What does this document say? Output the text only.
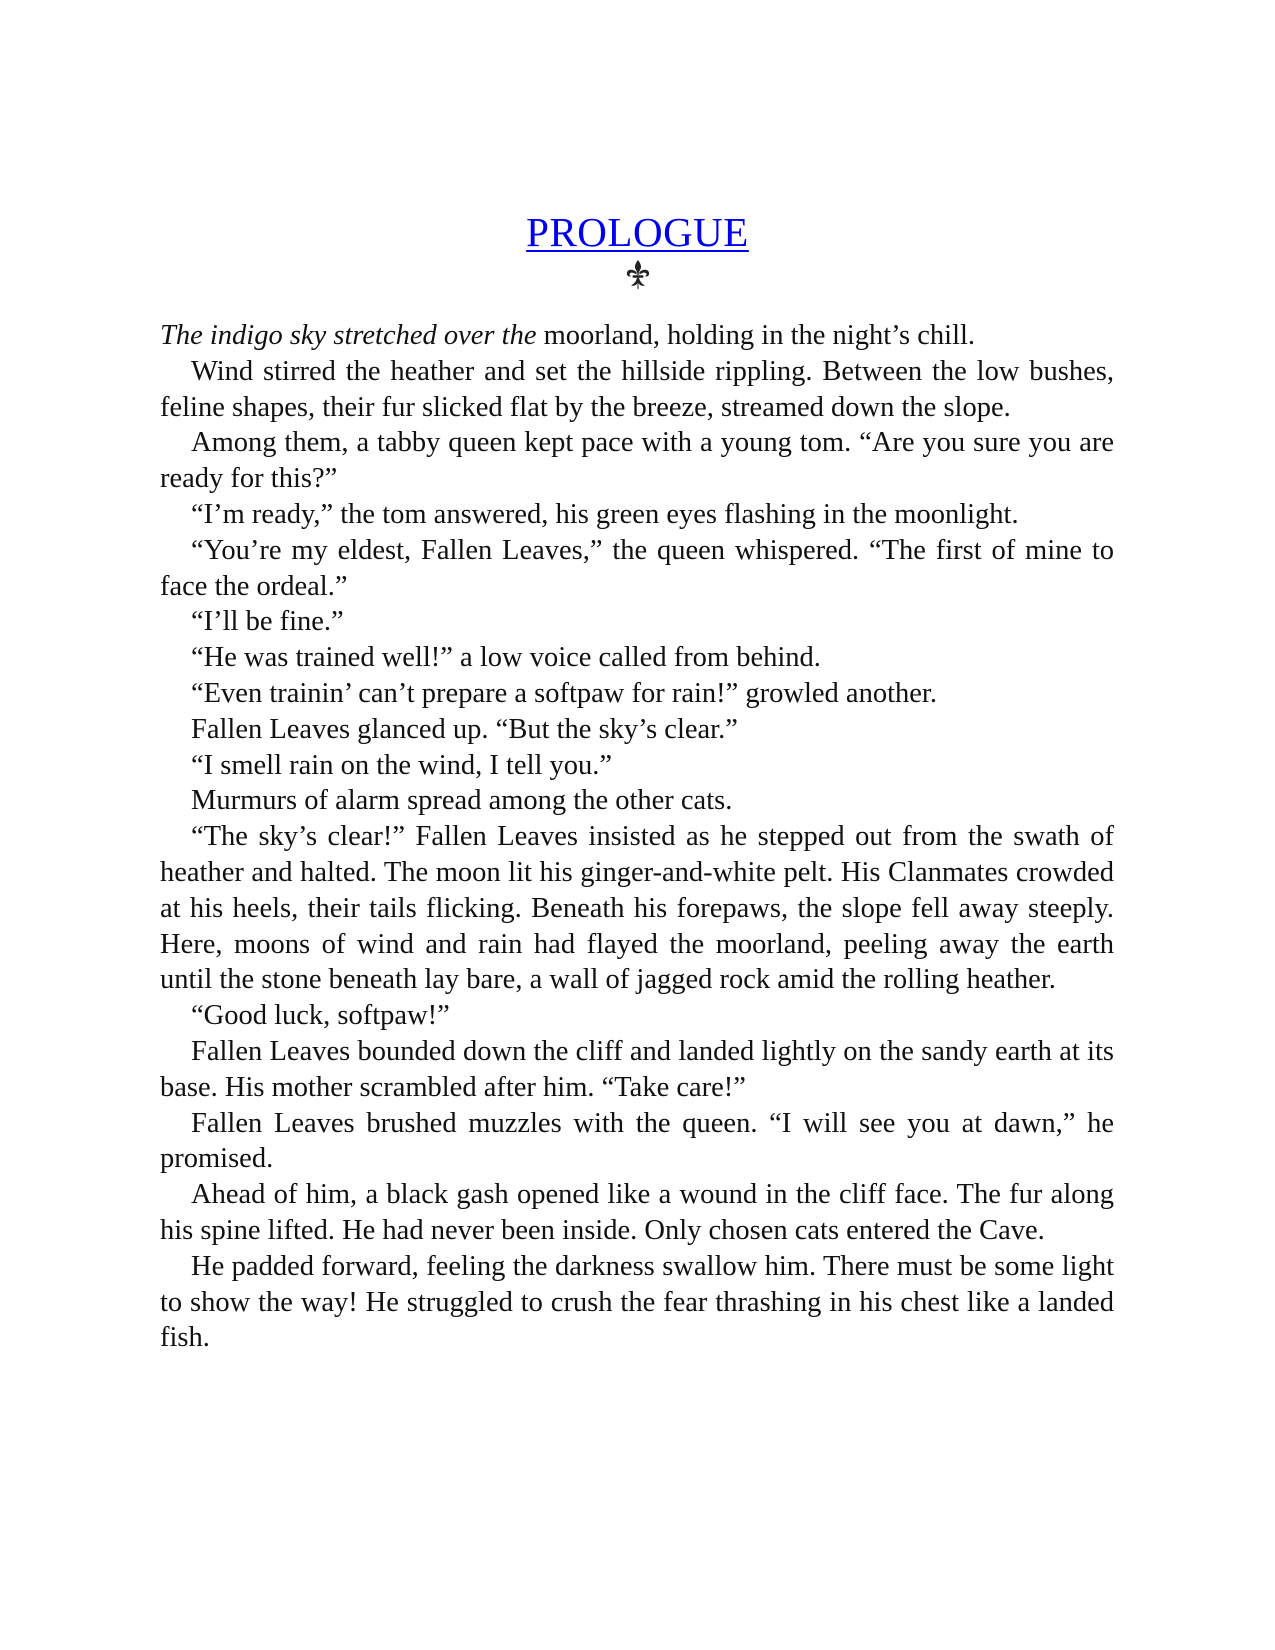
PROLOGUE

The indigo sky stretched over the moorland, holding in the night’s chill.

Wind stirred the heather and set the hillside rippling. Between the low bushes, feline shapes, their fur slicked flat by the breeze, streamed down the slope.

Among them, a tabby queen kept pace with a young tom. “Are you sure you are ready for this?”

“I’m ready,” the tom answered, his green eyes flashing in the moonlight.

“You’re my eldest, Fallen Leaves,” the queen whispered. “The first of mine to face the ordeal.”

“I’ll be fine.”

“He was trained well!” a low voice called from behind.

“Even trainin’ can’t prepare a softpaw for rain!” growled another.

Fallen Leaves glanced up. “But the sky’s clear.”

“I smell rain on the wind, I tell you.”

Murmurs of alarm spread among the other cats.

“The sky’s clear!” Fallen Leaves insisted as he stepped out from the swath of heather and halted. The moon lit his ginger-and-white pelt. His Clanmates crowded at his heels, their tails flicking. Beneath his forepaws, the slope fell away steeply. Here, moons of wind and rain had flayed the moorland, peeling away the earth until the stone beneath lay bare, a wall of jagged rock amid the rolling heather.

“Good luck, softpaw!”

Fallen Leaves bounded down the cliff and landed lightly on the sandy earth at its base. His mother scrambled after him. “Take care!”

Fallen Leaves brushed muzzles with the queen. “I will see you at dawn,” he promised.

Ahead of him, a black gash opened like a wound in the cliff face. The fur along his spine lifted. He had never been inside. Only chosen cats entered the Cave.

He padded forward, feeling the darkness swallow him. There must be some light to show the way! He struggled to crush the fear thrashing in his chest like a landed fish.
